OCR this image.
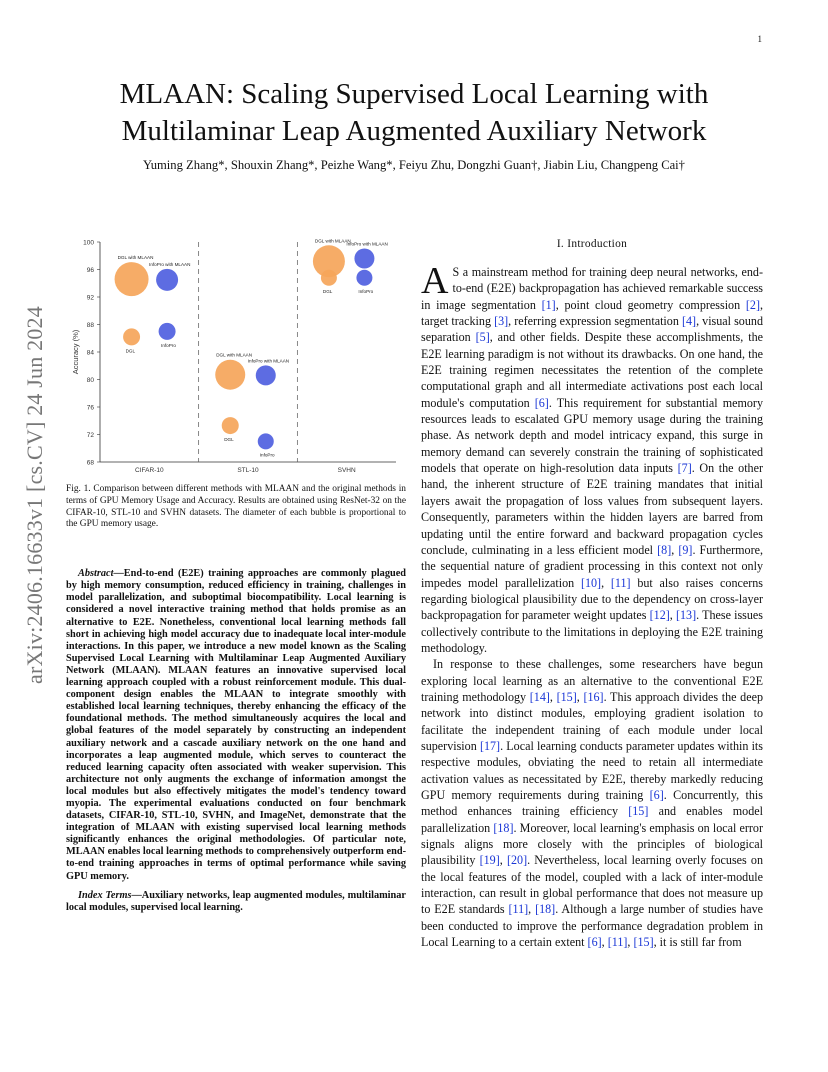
1
arXiv:2406.16633v1 [cs.CV] 24 Jun 2024
MLAAN: Scaling Supervised Local Learning with
Multilaminar Leap Augmented Auxiliary Network

Yuming Zhang*, Shouxin Zhang*, Peizhe Wang*, Feiyu Zhu, Dongzhi Guan†, Jiabin Liu, Changpeng Cai†

68
72
76
80
84
88
92
96
100
Accuracy (%)
CIFAR-10	STL-10	SVHN
DGL with MLAAN
InfoPro with MLAAN
DGL
InfoPro
DGL with MLAAN
InfoPro with MLAAN
DGL
InfoPro
DGL with MLAAN
InfoPro with MLAAN
DGL	InfoPro

Fig. 1. Comparison between different methods with MLAAN and the original methods in terms of GPU Memory Usage and Accuracy. Results are obtained using ResNet-32 on the CIFAR-10, STL-10 and SVHN datasets. The diameter of each bubble is proportional to the GPU memory usage.

Abstract—End-to-end (E2E) training approaches are commonly plagued by high memory consumption, reduced efficiency in training, challenges in model parallelization, and suboptimal biocompatibility. Local learning is considered a novel interactive training method that holds promise as an alternative to E2E. Nonetheless, conventional local learning methods fall short in achieving high model accuracy due to inadequate local inter-module interactions. In this paper, we introduce a new model known as the Scaling Supervised Local Learning with Multilaminar Leap Augmented Auxiliary Network (MLAAN). MLAAN features an innovative supervised local learning approach coupled with a robust reinforcement module. This dual-component design enables the MLAAN to integrate smoothly with established local learning techniques, thereby enhancing the efficacy of the foundational methods. The method simultaneously acquires the local and global features of the model separately by constructing an independent auxiliary network and a cascade auxiliary network on the one hand and incorporates a leap augmented module, which serves to counteract the reduced learning capacity often associated with weaker supervision. This architecture not only augments the exchange of information amongst the local modules but also effectively mitigates the model's tendency toward myopia. The experimental evaluations conducted on four benchmark datasets, CIFAR-10, STL-10, SVHN, and ImageNet, demonstrate that the integration of MLAAN with existing supervised local learning methods significantly enhances the original methodologies. Of particular note, MLAAN enables local learning methods to comprehensively outperform end-to-end training approaches in terms of optimal performance while saving GPU memory.

Index Terms—Auxiliary networks, leap augmented modules, multilaminar local modules, supervised local learning.

I. Introduction

A S a mainstream method for training deep neural networks, end-to-end (E2E) backpropagation has achieved remarkable success in image segmentation [1], point cloud geometry compression [2], target tracking [3], referring expression segmentation [4], visual sound separation [5], and other fields. Despite these accomplishments, the E2E learning paradigm is not without its drawbacks. On one hand, the E2E training regimen necessitates the retention of the complete computational graph and all intermediate activations post each local module's computation [6]. This requirement for substantial memory resources leads to escalated GPU memory usage during the training phase. As network depth and model intricacy expand, this surge in memory demand can severely constrain the training of sophisticated models that operate on high-resolution data inputs [7]. On the other hand, the inherent structure of E2E training mandates that initial layers await the propagation of loss values from subsequent layers. Consequently, parameters within the hidden layers are barred from updating until the entire forward and backward propagation cycles conclude, culminating in a less efficient model [8], [9]. Furthermore, the sequential nature of gradient processing in this context not only impedes model parallelization [10], [11] but also raises concerns regarding biological plausibility due to the dependency on cross-layer backpropagation for parameter weight updates [12], [13]. These issues collectively contribute to the limitations in deploying the E2E training methodology.

In response to these challenges, some researchers have begun exploring local learning as an alternative to the conventional E2E training methodology [14], [15], [16]. This approach divides the deep network into distinct modules, employing gradient isolation to facilitate the independent training of each module under local supervision [17]. Local learning conducts parameter updates within its respective modules, obviating the need to retain all intermediate activation values as necessitated by E2E, thereby markedly reducing GPU memory requirements during training [6]. Concurrently, this method enhances training efficiency [15] and enables model parallelization [18]. Moreover, local learning's emphasis on local error signals aligns more closely with the principles of biological plausibility [19], [20]. Nevertheless, local learning overly focuses on the local features of the model, coupled with a lack of inter-module interaction, can result in global performance that does not measure up to E2E standards [11], [18]. Although a large number of studies have been conducted to improve the performance degradation problem in Local Learning to a certain extent [6], [11], [15], it is still far from
